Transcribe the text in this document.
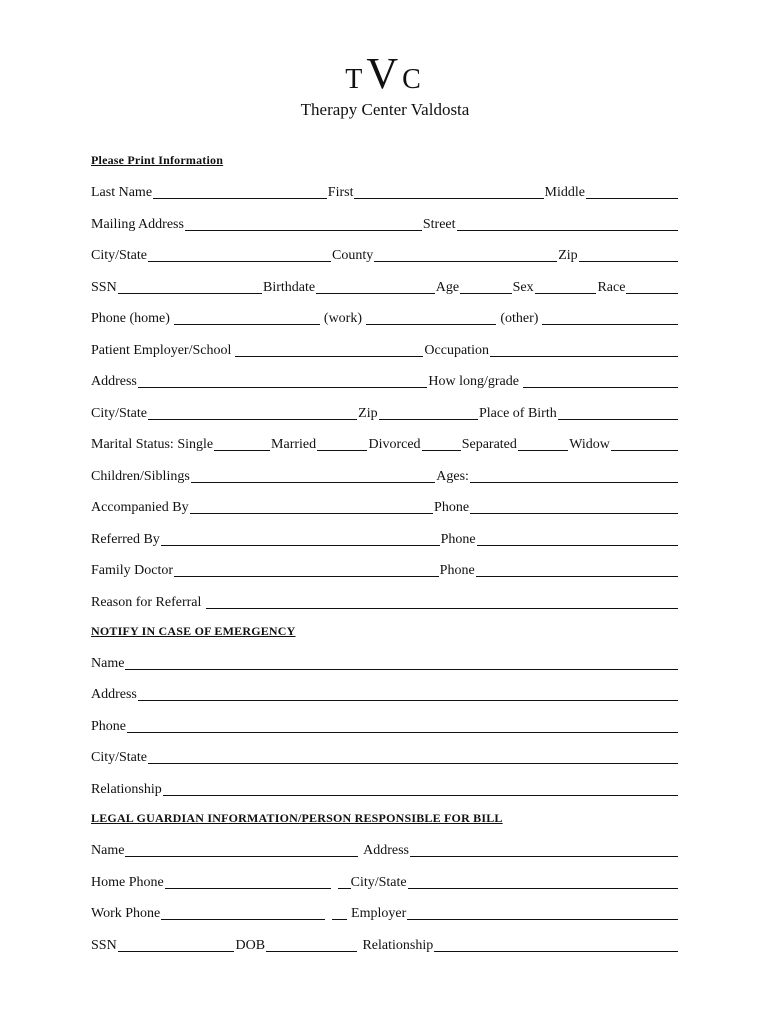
TVC
Therapy Center Valdosta
Please Print Information
Last Name	First	Middle
Mailing Address	Street
City/State	County	Zip
SSN	Birthdate	Age	Sex	Race
Phone (home)	(work)	(other)
Patient Employer/School	Occupation
Address	How long/grade
City/State	Zip	Place of Birth
Marital Status: Single	Married	Divorced	Separated	Widow
Children/Siblings	Ages:
Accompanied By	Phone
Referred By	Phone
Family Doctor	Phone
Reason for Referral
NOTIFY IN CASE OF EMERGENCY
Name
Address
Phone
City/State
Relationship
LEGAL GUARDIAN INFORMATION/PERSON RESPONSIBLE FOR BILL
Name	Address
Home Phone	City/State
Work Phone	Employer
SSN	DOB	Relationship
